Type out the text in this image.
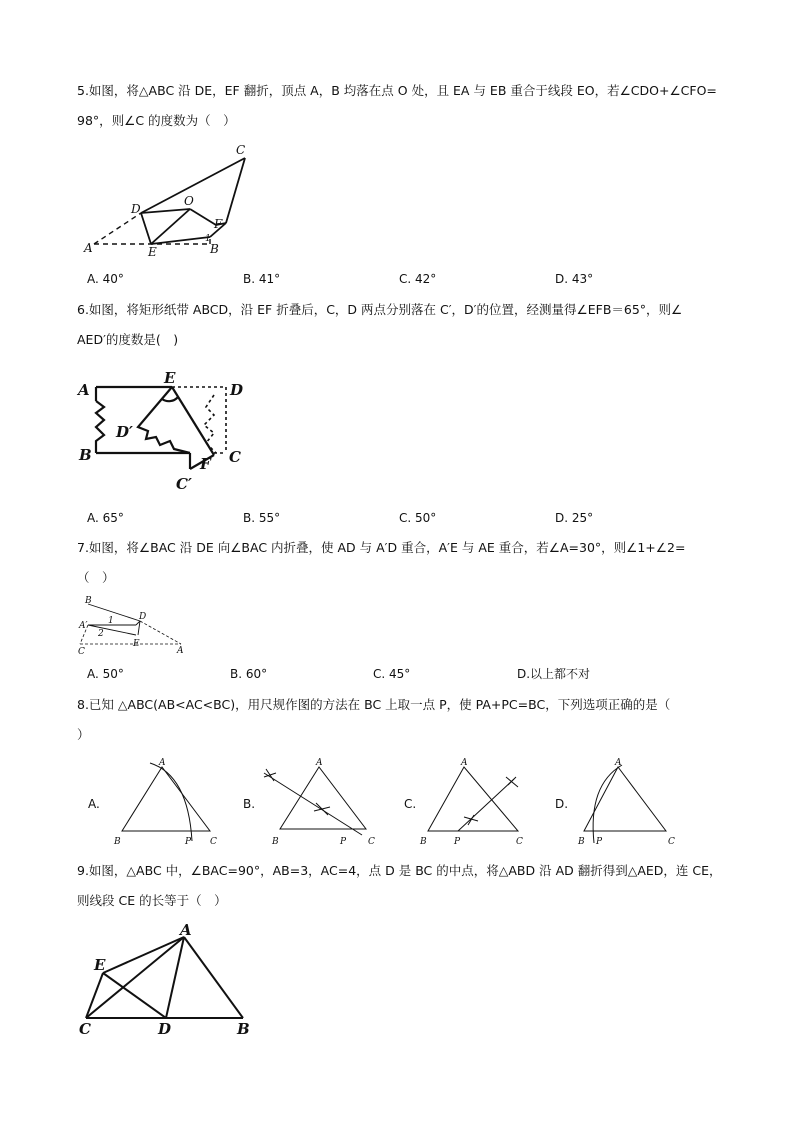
5.如图，将△ABC 沿 DE，EF 翻折，顶点 A，B 均落在点 O 处，且 EA 与 EB 重合于线段 EO，若∠CDO+∠CFO=
98°，则∠C 的度数为（　）
A	B
C
D
E
F
O
1
A. 40°	B. 41°	C. 42°	D. 43°
6.如图，将矩形纸带 ABCD，沿 EF 折叠后，C，D 两点分别落在 C′，D′的位置，经测量得∠EFB＝65°，则∠
AED′的度数是(　)
A
B	C
D
E
F
D′
C′
A. 65°	B. 55°	C. 50°	D. 25°
7.如图，将∠BAC 沿 DE 向∠BAC 内折叠，使 AD 与 A′D 重合，A′E 与 AE 重合，若∠A=30°，则∠1+∠2=
（　）
B
C	A
D
E
A′ 1
2
A. 50°	B. 60°	C. 45°	D.以上都不对
8.已知 △ABC(AB<AC<BC)，用尺规作图的方法在 BC 上取一点 P，使 PA+PC=BC，下列选项正确的是（
）
A.
A
B	C
P
B.
A
B	C
P
C.
A
B	C
P
D.
A
B	C
P
9.如图，△ABC 中，∠BAC=90°，AB=3，AC=4，点 D 是 BC 的中点，将△ABD 沿 AD 翻折得到△AED，连 CE，
则线段 CE 的长等于（　）
A
E
C	D	B
